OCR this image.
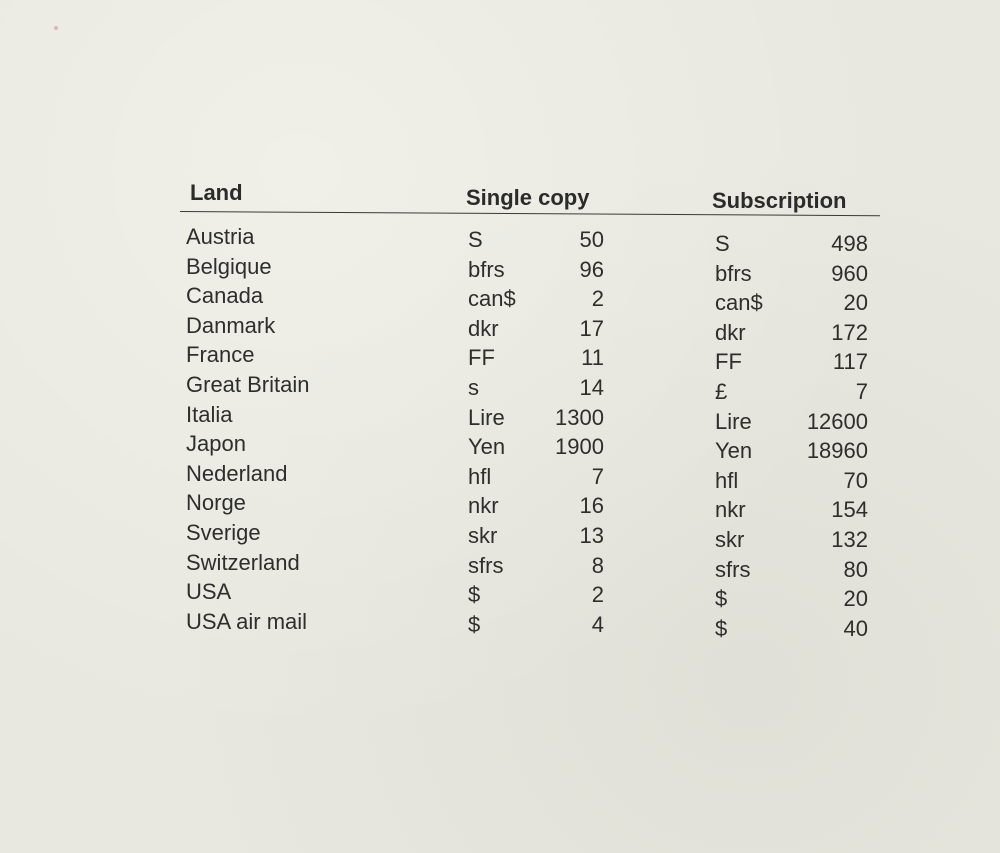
Land	Single copy	Subscription
Austria	S	50	S	498
Belgique	bfrs	96	bfrs	960
Canada	can$	2	can$	20
Danmark	dkr	17	dkr	172
France	FF	11	FF	117
Great Britain	s	14	£	7
Italia	Lire	1300	Lire	12600
Japon	Yen	1900	Yen	18960
Nederland	hfl	7	hfl	70
Norge	nkr	16	nkr	154
Sverige	skr	13	skr	132
Switzerland	sfrs	8	sfrs	80
USA	$	2	$	20
USA air mail	$	4	$	40
